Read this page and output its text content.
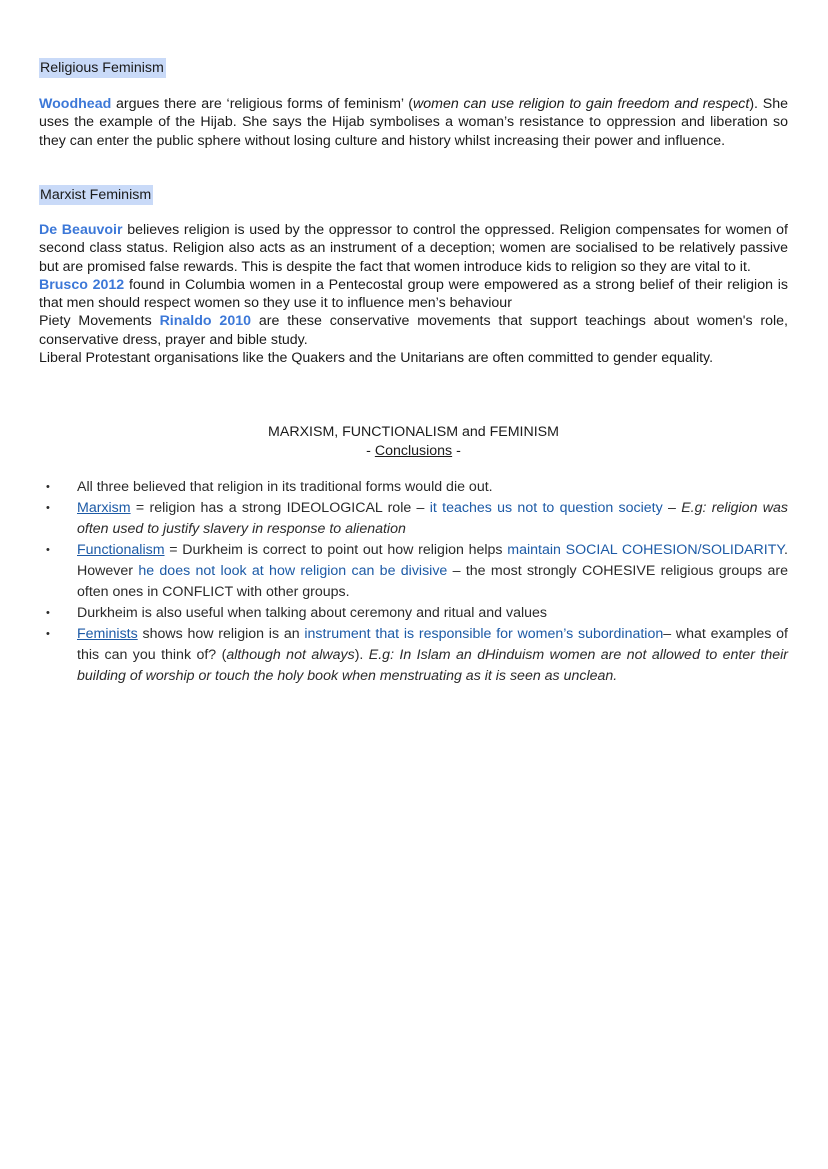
Religious Feminism

Woodhead argues there are ‘religious forms of feminism’ (women can use religion to gain freedom and respect). She uses the example of the Hijab. She says the Hijab symbolises a woman’s resistance to oppression and liberation so they can enter the public sphere without losing culture and history whilst increasing their power and influence.

Marxist Feminism

De Beauvoir believes religion is used by the oppressor to control the oppressed. Religion compensates for women of second class status. Religion also acts as an instrument of a deception; women are socialised to be relatively passive but are promised false rewards. This is despite the fact that women introduce kids to religion so they are vital to it.

Brusco 2012 found in Columbia women in a Pentecostal group were empowered as a strong belief of their religion is that men should respect women so they use it to influence men’s behaviour

Piety Movements Rinaldo 2010 are these conservative movements that support teachings about women's role, conservative dress, prayer and bible study.

Liberal Protestant organisations like the Quakers and the Unitarians are often committed to gender equality.

MARXISM, FUNCTIONALISM and FEMINISM
- Conclusions -
• All three believed that religion in its traditional forms would die out.
• Marxism = religion has a strong IDEOLOGICAL role – it teaches us not to question society – E.g: religion was often used to justify slavery in response to alienation
• Functionalism = Durkheim is correct to point out how religion helps maintain SOCIAL COHESION/SOLIDARITY. However he does not look at how religion can be divisive – the most strongly COHESIVE religious groups are often ones in CONFLICT with other groups.
• Durkheim is also useful when talking about ceremony and ritual and values
• Feminists shows how religion is an instrument that is responsible for women’s subordination– what examples of this can you think of? (although not always). E.g: In Islam an dHinduism women are not allowed to enter their building of worship or touch the holy book when menstruating as it is seen as unclean.
